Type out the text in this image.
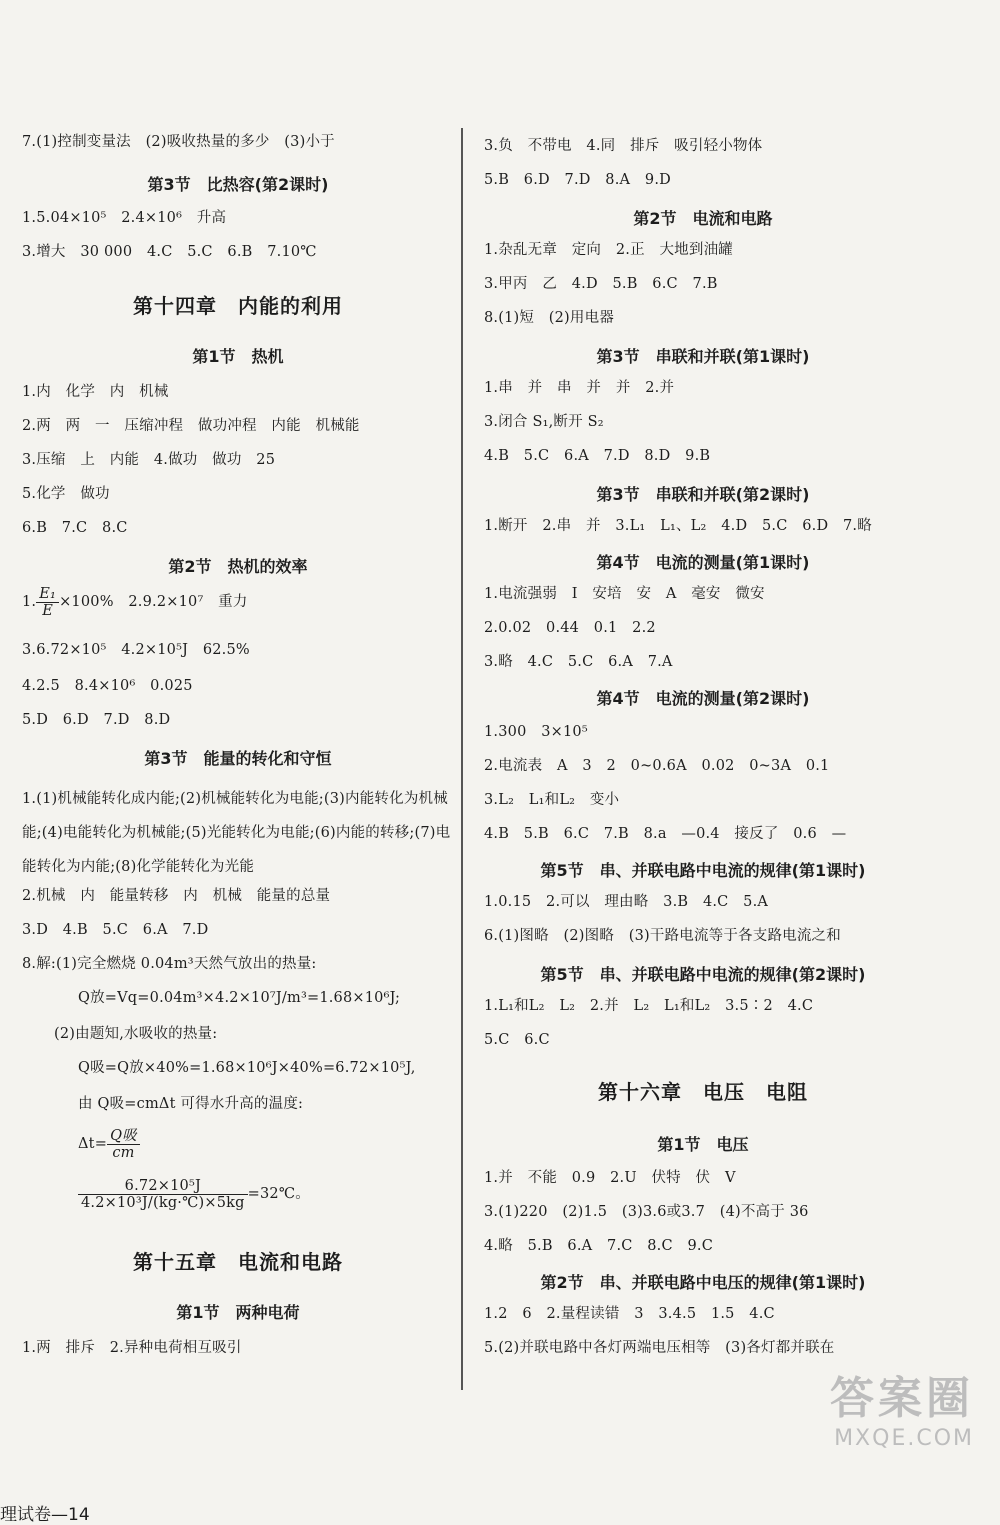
7.(1)控制变量法　(2)吸收热量的多少　(3)小于
第3节　比热容(第2课时)
1.5.04×10⁵　2.4×10⁶　升高
3.增大　30 000　4.C　5.C　6.B　7.10℃
第十四章　内能的利用
第1节　热机
1.内　化学　内　机械
2.两　两　一　压缩冲程　做功冲程　内能　机械能
3.压缩　上　内能　4.做功　做功　25
5.化学　做功
6.B　7.C　8.C
第2节　热机的效率
1. $\frac{\text{E₁}}{E} \times 100\%$　2.9.2×10⁷　重力
3.6.72×10⁵　4.2×10⁵J　62.5%
4.2.5　8.4×10⁶　0.025
5.D　6.D　7.D　8.D
第3节　能量的转化和守恒
1.(1)机械能转化成内能;(2)机械能转化为电能;(3)内能转化为机械能;(4)电能转化为机械能;(5)光能转化为电能;(6)内能的转移;(7)电能转化为内能;(8)化学能转化为光能
2.机械　内　能量转移　内　机械　能量的总量
3.D　4.B　5.C　6.A　7.D
8.解:(1)完全燃烧 0.04m³天然气放出的热量:
Q放=Vq=0.04m³×4.2×10⁷J/m³=1.68×10⁶J;
(2)由题知,水吸收的热量:
Q吸=Q放×40%=1.68×10⁶J×40%=6.72×10⁵J,
由 Q吸=cmΔt 可得水升高的温度:
$\Delta t= \frac{\text{Q吸}}{cm}$
$\frac{\text{6.72×10⁵J}}{\text{4.2×10³J/(kg·℃)×5kg}}$ =32℃。
第十五章　电流和电路
第1节　两种电荷
1.两　排斥　2.异种电荷相互吸引
理试卷—14
3.负　不带电　4.同　排斥　吸引轻小物体
5.B　6.D　7.D　8.A　9.D
第2节　电流和电路
1.杂乱无章　定向　2.正　大地到油罐
3.甲丙　乙　4.D　5.B　6.C　7.B
8.(1)短　(2)用电器
第3节　串联和并联(第1课时)
1.串　并　串　并　并　2.并
3.闭合 S₁,断开 S₂
4.B　5.C　6.A　7.D　8.D　9.B
第3节　串联和并联(第2课时)
1.断开　2.串　并　3.L₁　L₁、L₂　4.D　5.C　6.D　7.略
第4节　电流的测量(第1课时)
1.电流强弱　I　安培　安　A　毫安　微安
2.0.02　0.44　0.1　2.2
3.略　4.C　5.C　6.A　7.A
第4节　电流的测量(第2课时)
1.300　3×10⁵
2.电流表　A　3　2　0~0.6A　0.02　0~3A　0.1
3.L₂　L₁和L₂　变小
4.B　5.B　6.C　7.B　8.a　—0.4　接反了　0.6　—
第5节　串、并联电路中电流的规律(第1课时)
1.0.15　2.可以　理由略　3.B　4.C　5.A
6.(1)图略　(2)图略　(3)干路电流等于各支路电流之和
第5节　串、并联电路中电流的规律(第2课时)
1.L₁和L₂　L₂　2.并　L₂　L₁和L₂　3.5∶2　4.C
5.C　6.C
第十六章　电压　电阻
第1节　电压
1.并　不能　0.9　2.U　伏特　伏　V
3.(1)220　(2)1.5　(3)3.6或3.7　(4)不高于 36
4.略　5.B　6.A　7.C　8.C　9.C
第2节　串、并联电路中电压的规律(第1课时)
1.2　6　2.量程读错　3　3.4.5　1.5　4.C
5.(2)并联电路中各灯两端电压相等　(3)各灯都并联在
答案圈
MXQE.COM
